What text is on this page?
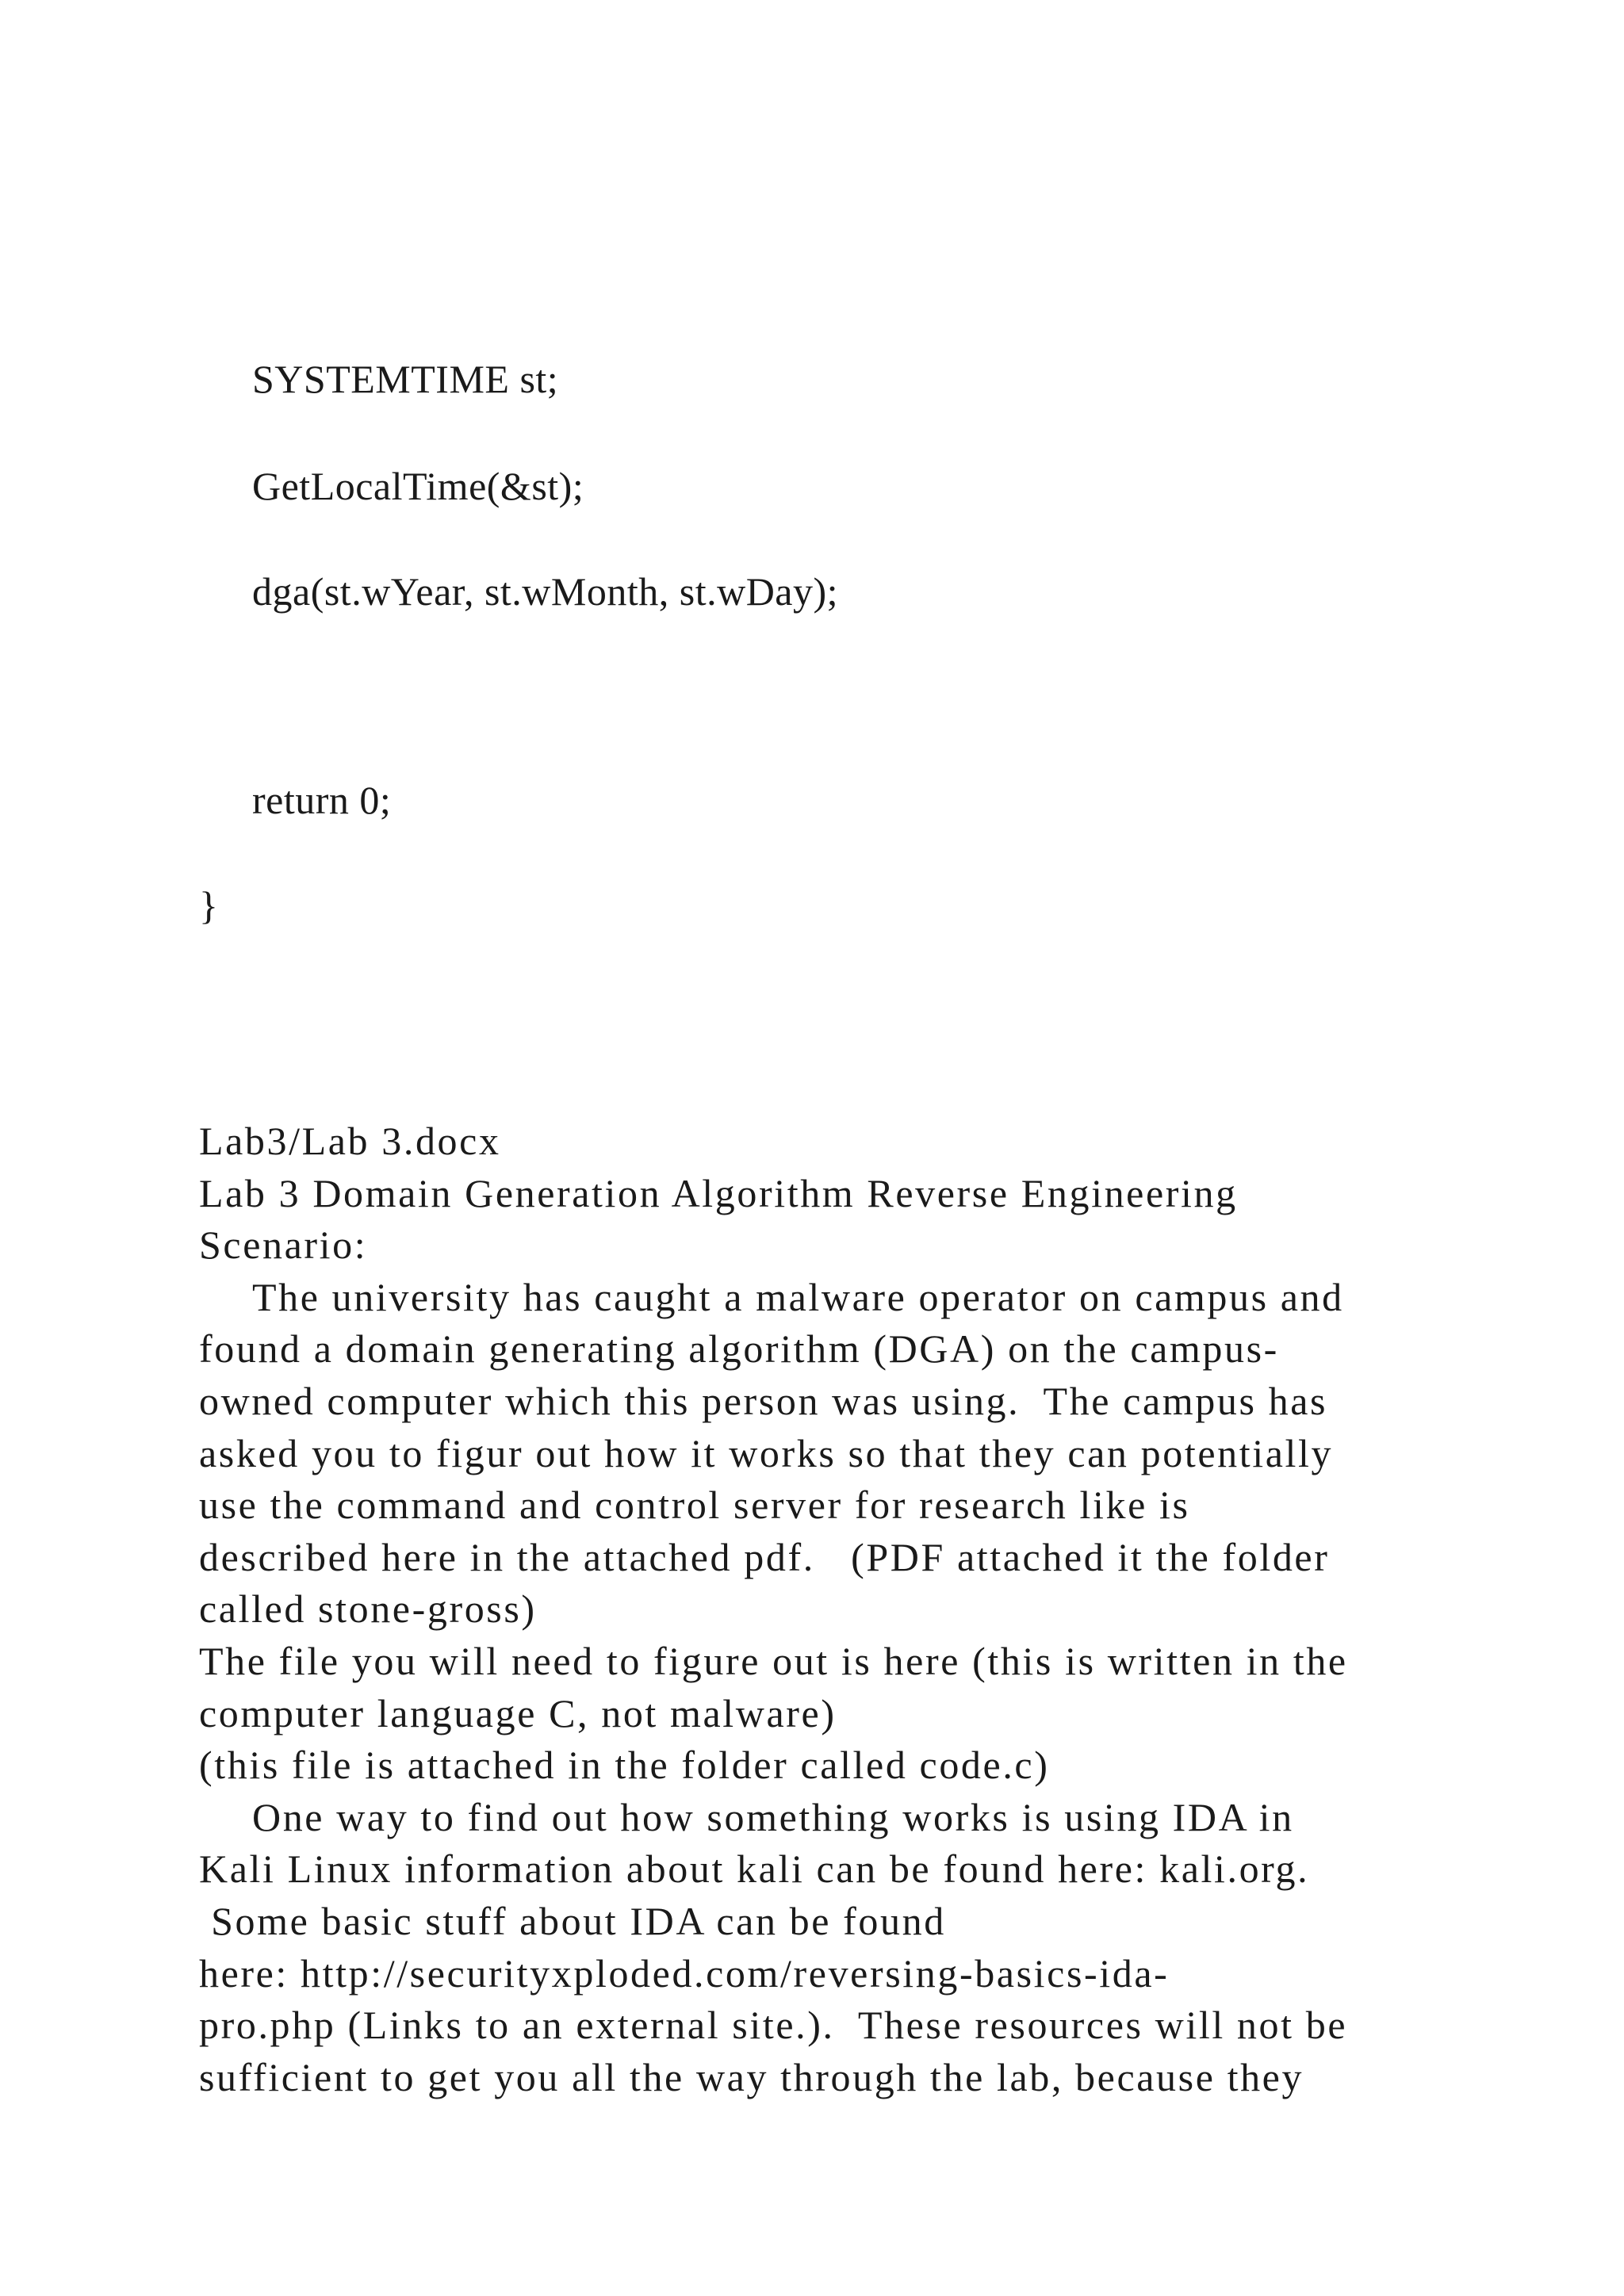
SYSTEMTIME st;
GetLocalTime(&st);
dga(st.wYear, st.wMonth, st.wDay);
return 0;
}
Lab3/Lab 3.docx
Lab 3 Domain Generation Algorithm Reverse Engineering
Scenario:
The university has caught a malware operator on campus and
found a domain generating algorithm (DGA) on the campus-
owned computer which this person was using.  The campus has
asked you to figur out how it works so that they can potentially
use the command and control server for research like is
described here in the attached pdf.   (PDF attached it the folder
called stone-gross)
The file you will need to figure out is here (this is written in the
computer language C, not malware)
(this file is attached in the folder called code.c)
One way to find out how something works is using IDA in
Kali Linux information about kali can be found here: kali.org.
Some basic stuff about IDA can be found
here: http://securityxploded.com/reversing-basics-ida-
pro.php (Links to an external site.).  These resources will not be
sufficient to get you all the way through the lab, because they
